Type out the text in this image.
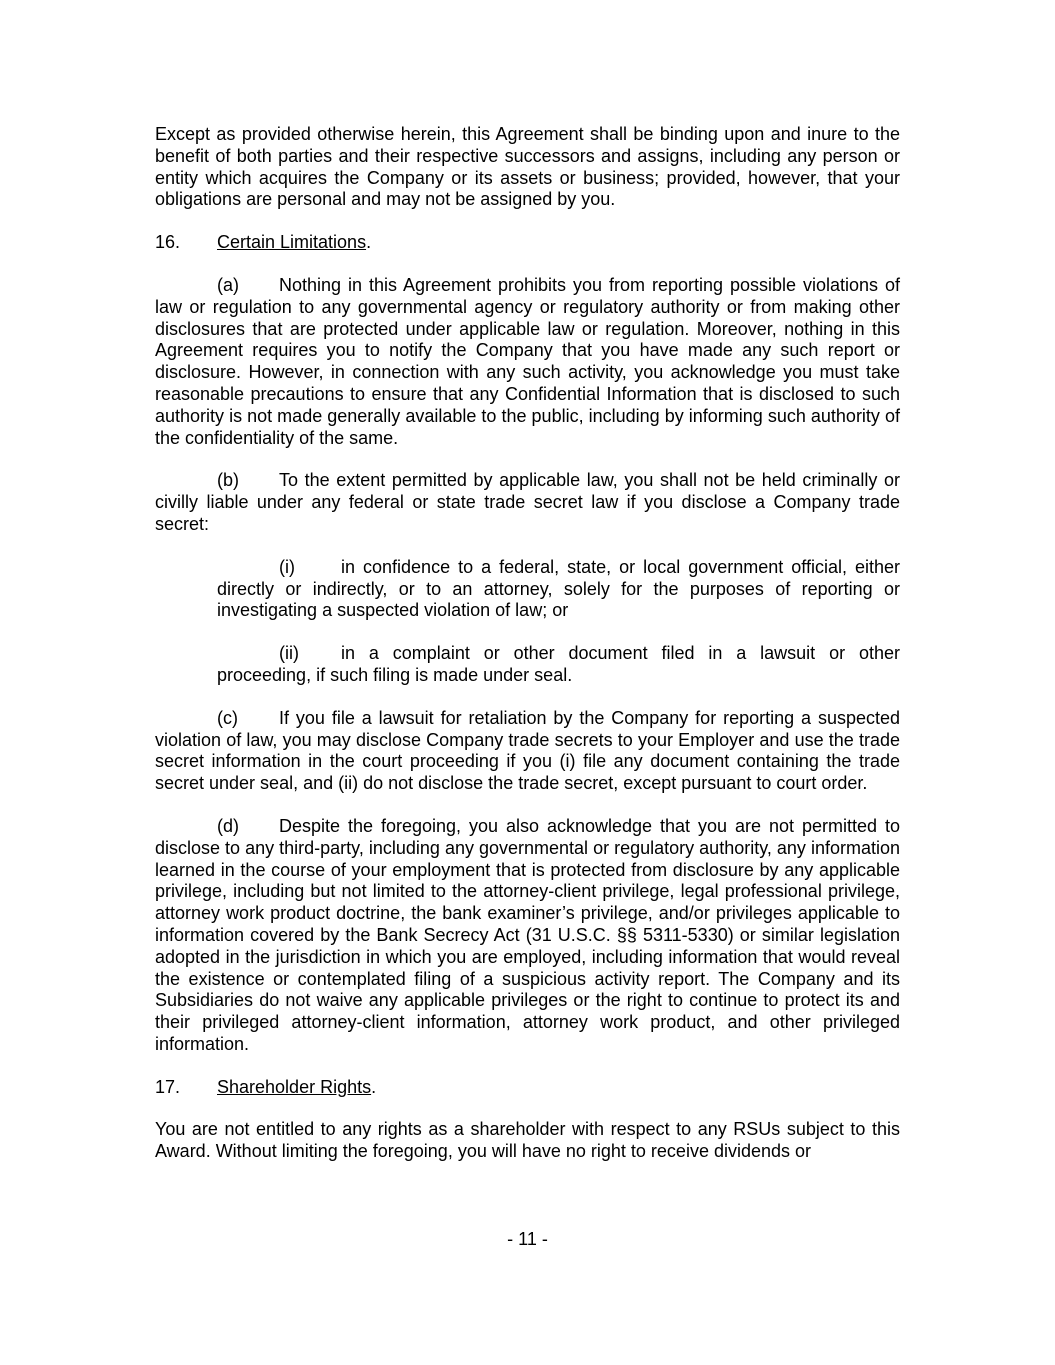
Except as provided otherwise herein, this Agreement shall be binding upon and inure to the benefit of both parties and their respective successors and assigns, including any person or entity which acquires the Company or its assets or business; provided, however, that your obligations are personal and may not be assigned by you.

16.	Certain Limitations.

(a) Nothing in this Agreement prohibits you from reporting possible violations of law or regulation to any governmental agency or regulatory authority or from making other disclosures that are protected under applicable law or regulation. Moreover, nothing in this Agreement requires you to notify the Company that you have made any such report or disclosure. However, in connection with any such activity, you acknowledge you must take reasonable precautions to ensure that any Confidential Information that is disclosed to such authority is not made generally available to the public, including by informing such authority of the confidentiality of the same.

(b) To the extent permitted by applicable law, you shall not be held criminally or civilly liable under any federal or state trade secret law if you disclose a Company trade secret:

(i)	in confidence to a federal, state, or local government official, either directly or indirectly, or to an attorney, solely for the purposes of reporting or investigating a suspected violation of law; or

(ii) in a complaint or other document filed in a lawsuit or other proceeding, if such filing is made under seal.

(c) If you file a lawsuit for retaliation by the Company for reporting a suspected violation of law, you may disclose Company trade secrets to your Employer and use the trade secret information in the court proceeding if you (i) file any document containing the trade secret under seal, and (ii) do not disclose the trade secret, except pursuant to court order.

(d) Despite the foregoing, you also acknowledge that you are not permitted to disclose to any third-party, including any governmental or regulatory authority, any information learned in the course of your employment that is protected from disclosure by any applicable privilege, including but not limited to the attorney-client privilege, legal professional privilege, attorney work product doctrine, the bank examiner’s privilege, and/or privileges applicable to information covered by the Bank Secrecy Act (31 U.S.C. §§ 5311-5330) or similar legislation adopted in the jurisdiction in which you are employed, including information that would reveal the existence or contemplated filing of a suspicious activity report. The Company and its Subsidiaries do not waive any applicable privileges or the right to continue to protect its and their privileged attorney-client information, attorney work product, and other privileged information.

17.	Shareholder Rights.

You are not entitled to any rights as a shareholder with respect to any RSUs subject to this Award. Without limiting the foregoing, you will have no right to receive dividends or

- 11 -
